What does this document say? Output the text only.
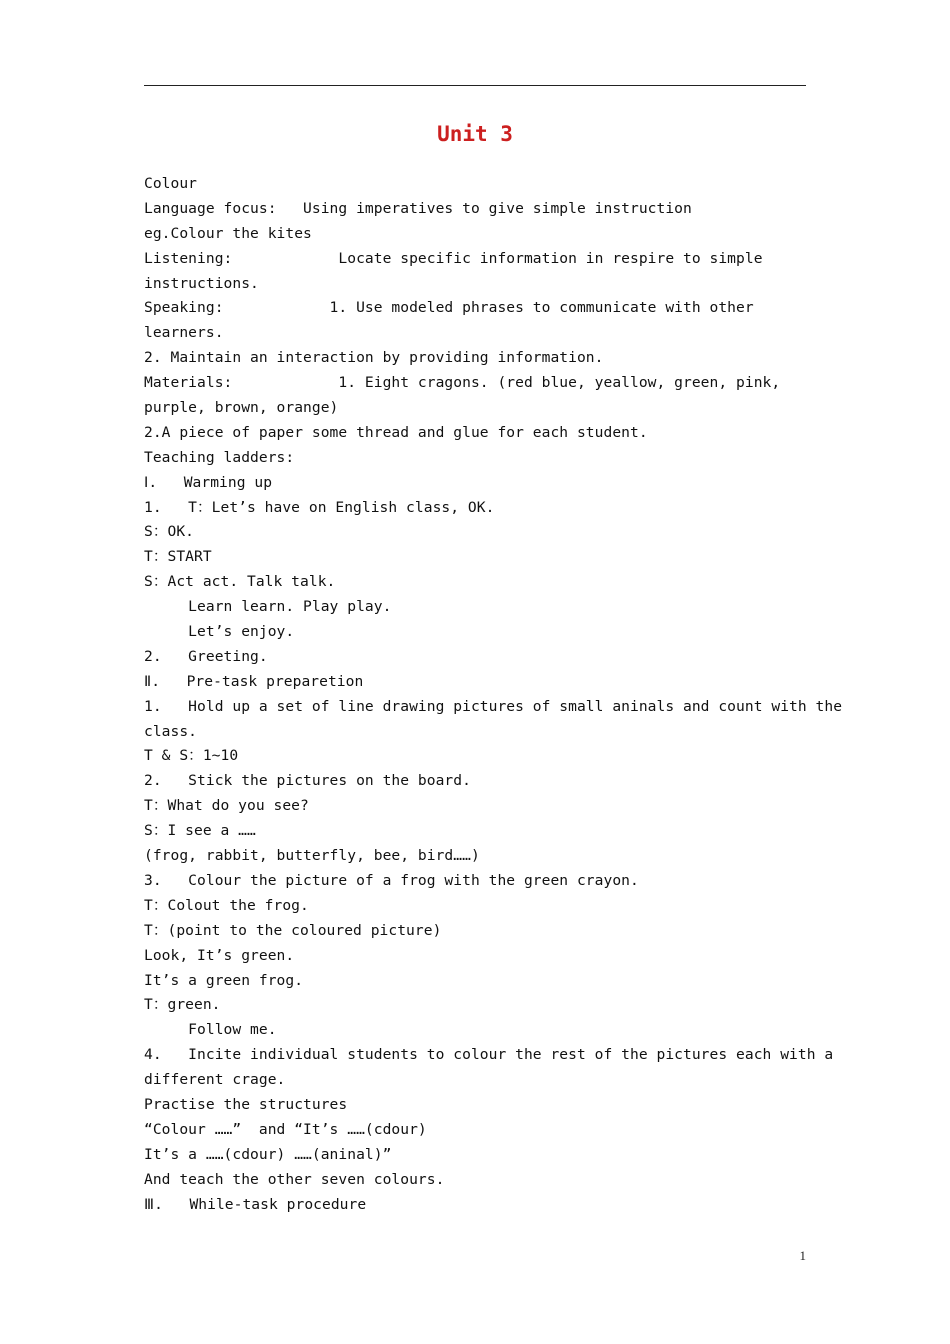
Unit 3
Colour
Language focus:   Using imperatives to give simple instruction
eg.Colour the kites
Listening:            Locate specific information in respire to simple
instructions.
Speaking:            1. Use modeled phrases to communicate with other
learners.
2. Maintain an interaction by providing information.
Materials:            1. Eight cragons. (red blue, yeallow, green, pink,
purple, brown, orange)
2.A piece of paper some thread and glue for each student.
Teaching ladders:
Ⅰ.   Warming up
1.   T：Let’s have on English class, OK.
S：OK.
T：START
S：Act act. Talk talk.
Learn learn. Play play.
Let’s enjoy.
2.   Greeting.
Ⅱ.   Pre-task preparetion
1.   Hold up a set of line drawing pictures of small aninals and count with the
class.
T & S：1~10
2.   Stick the pictures on the board.
T：What do you see?
S：I see a ……
(frog, rabbit, butterfly, bee, bird……)
3.   Colour the picture of a frog with the green crayon.
T：Colout the frog.
T：(point to the coloured picture)
Look, It’s green.
It’s a green frog.
T：green.
Follow me.
4.   Incite individual students to colour the rest of the pictures each with a
different crage.
Practise the structures
“Colour ……”  and “It’s ……(cdour)
It’s a ……(cdour) ……(aninal)”
And teach the other seven colours.
Ⅲ.   While-task procedure
1
